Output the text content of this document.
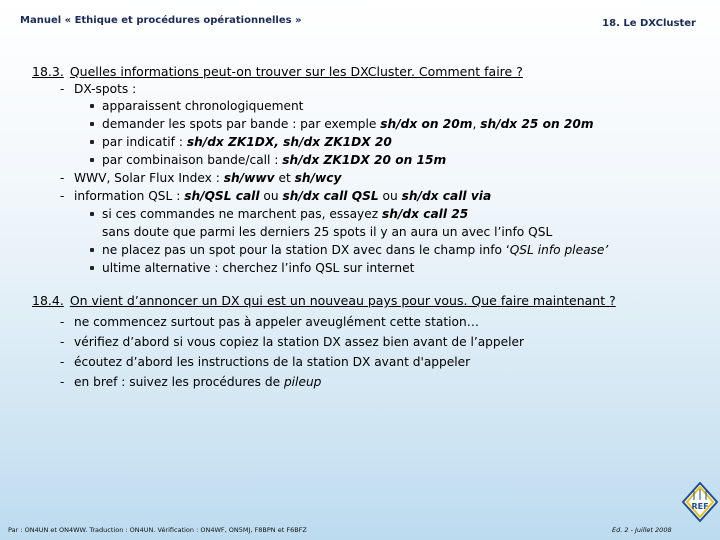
Manuel « Ethique et procédures opérationnelles »	18. Le DXCluster
18.3. Quelles informations peut-on trouver sur les DXCluster. Comment faire ?
- DX-spots :
apparaissent chronologiquement
demander les spots par bande : par exemple sh/dx on 20m, sh/dx 25 on 20m
par indicatif : sh/dx ZK1DX, sh/dx ZK1DX 20
par combinaison bande/call : sh/dx ZK1DX 20 on 15m
- WWV, Solar Flux Index : sh/wwv et sh/wcy
- information QSL : sh/QSL call ou sh/dx call QSL ou sh/dx call via
si ces commandes ne marchent pas, essayez sh/dx call 25
sans doute que parmi les derniers 25 spots il y an aura un avec l’info QSL
ne placez pas un spot pour la station DX avec dans le champ info ‘QSL info please’
ultime alternative : cherchez l’info QSL sur internet
18.4. On vient d’annoncer un DX qui est un nouveau pays pour vous. Que faire maintenant ?
- ne commencez surtout pas à appeler aveuglément cette station…
- vérifiez d’abord si vous copiez la station DX assez bien avant de l’appeler
- écoutez d’abord les instructions de la station DX avant d'appeler
- en bref : suivez les procédures de pileup
Par : ON4UN et ON4WW. Traduction : ON4UN. Vérification : ON4WF, ON5MJ, F8BPN et F6BFZ	Ed. 2 - Juillet 2008
REF
